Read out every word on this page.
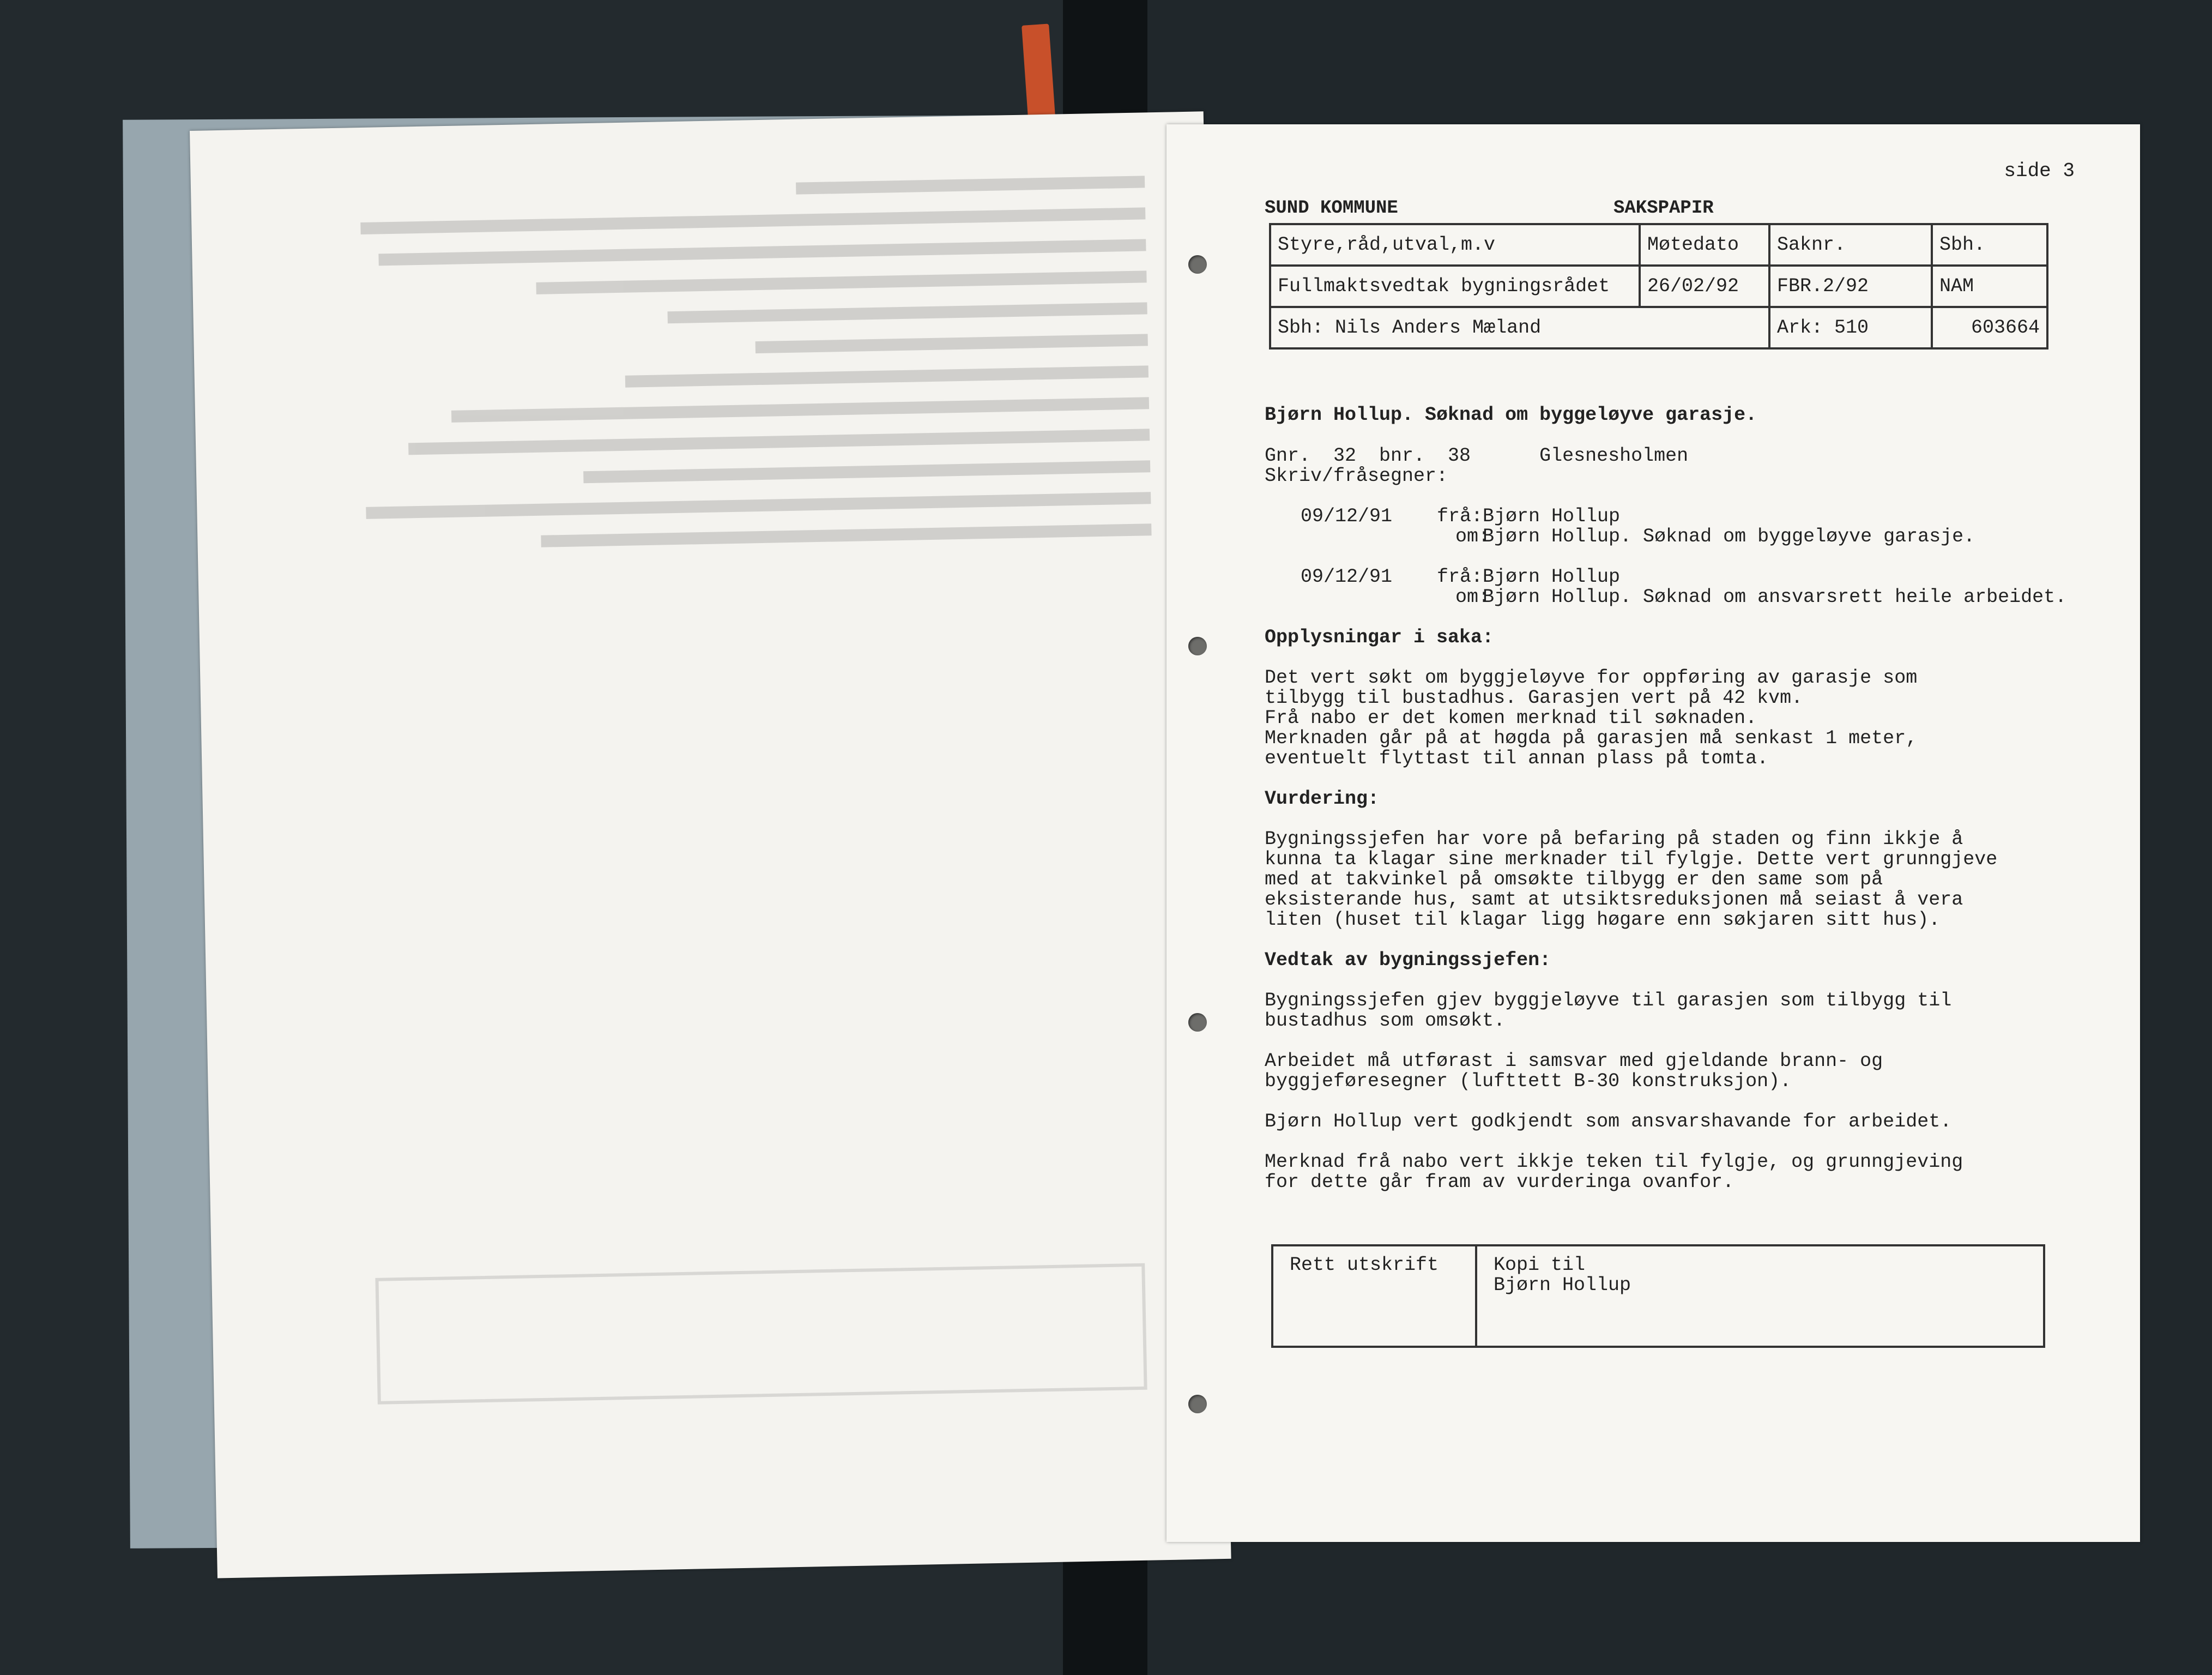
side 3
SUND KOMMUNE	SAKSPAPIR
Styre,råd,utval,m.v	Møtedato	Saknr.	Sbh.
Fullmaktsvedtak bygningsrådet	26/02/92	FBR.2/92	NAM
Sbh: Nils Anders Mæland		Ark: 510	603664
Bjørn Hollup. Søknad om byggeløyve garasje.

Gnr.  32  bnr.  38      Glesnesholmen

Skriv/fråsegner:

09/12/91	frå: Bjørn Hollup

om:

Bjørn Hollup. Søknad om byggeløyve garasje.

09/12/91	frå: Bjørn Hollup

om:

Bjørn Hollup. Søknad om ansvarsrett heile arbeidet.

Opplysningar i saka:

Det vert søkt om byggjeløyve for oppføring av garasje som
tilbygg til bustadhus. Garasjen vert på 42 kvm.
Frå nabo er det komen merknad til søknaden.
Merknaden går på at høgda på garasjen må senkast 1 meter,
eventuelt flyttast til annan plass på tomta.

Vurdering:

Bygningssjefen har vore på befaring på staden og finn ikkje å
kunna ta klagar sine merknader til fylgje. Dette vert grunngjeve
med at takvinkel på omsøkte tilbygg er den same som på
eksisterande hus, samt at utsiktsreduksjonen må seiast å vera
liten (huset til klagar ligg høgare enn søkjaren sitt hus).

Vedtak av bygningssjefen:

Bygningssjefen gjev byggjeløyve til garasjen som tilbygg til
bustadhus som omsøkt.

Arbeidet må utførast i samsvar med gjeldande brann- og
byggjeføresegner (lufttett B-30 konstruksjon).

Bjørn Hollup vert godkjendt som ansvarshavande for arbeidet.

Merknad frå nabo vert ikkje teken til fylgje, og grunngjeving
for dette går fram av vurderinga ovanfor.

Rett utskrift	Kopi til
Bjørn Hollup
